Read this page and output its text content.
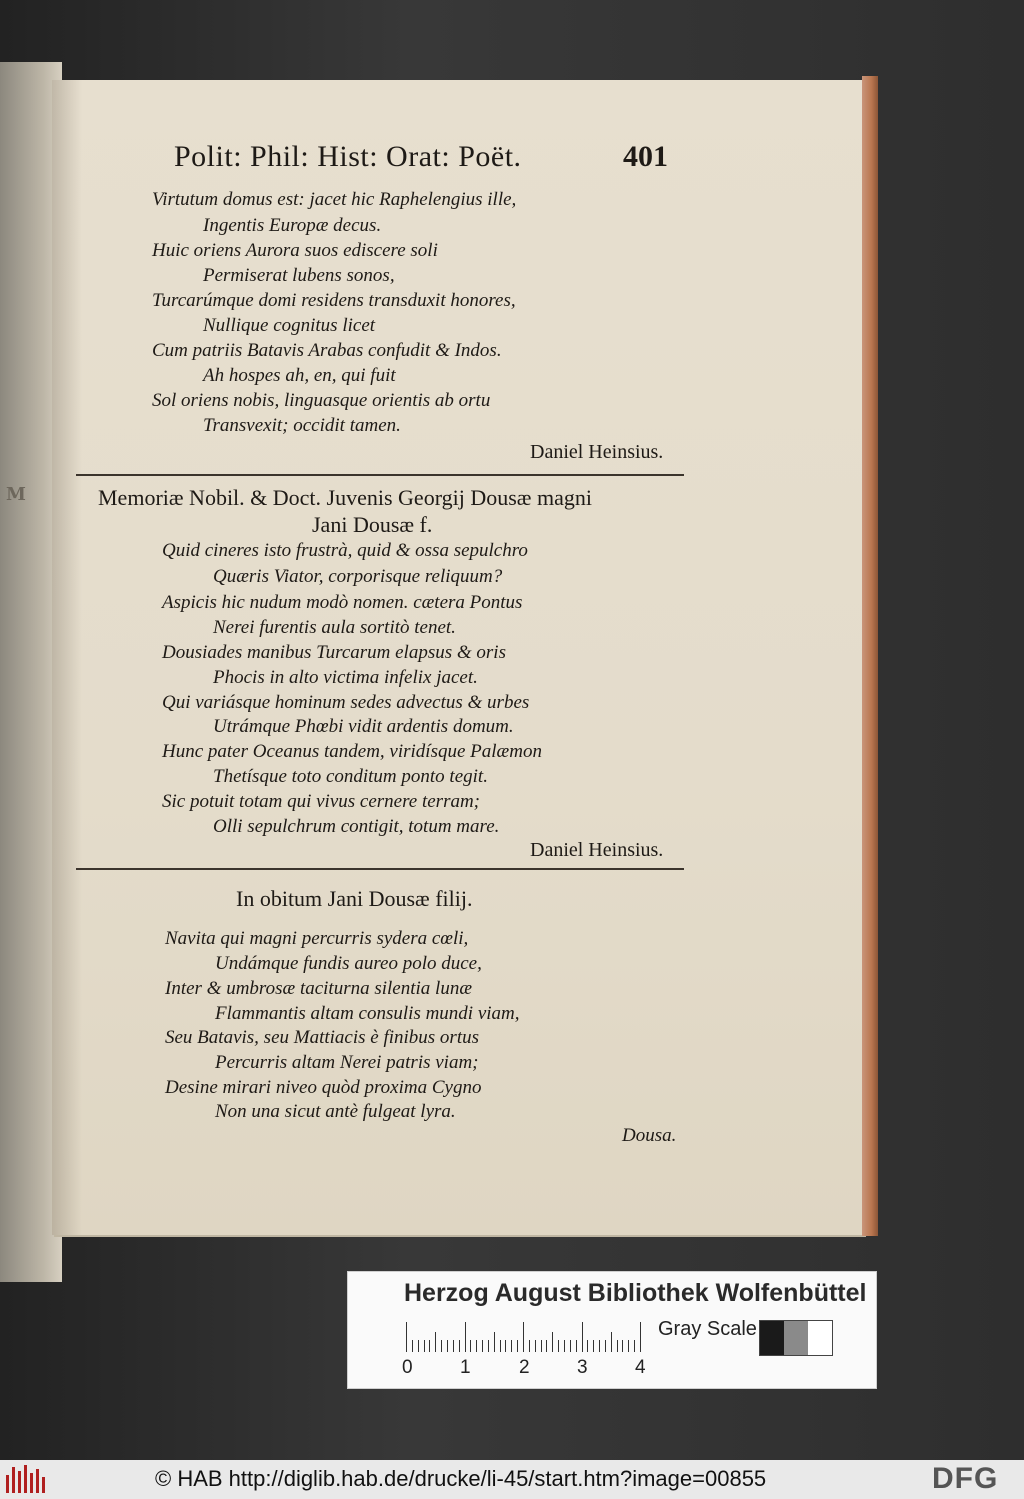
M
Polit: Phil: Hist: Orat: Poët.	401
Virtutum domus est: jacet hic Raphelengius ille,
Ingentis Europæ decus.
Huic oriens Aurora suos ediscere soli
Permiserat lubens sonos,
Turcarúmque domi residens transduxit honores,
Nullique cognitus licet
Cum patriis Batavis Arabas confudit & Indos.
Ah hospes ah, en, qui fuit
Sol oriens nobis, linguasque orientis ab ortu
Transvexit; occidit tamen.
Daniel Heinsius.
Memoriæ Nobil. & Doct. Juvenis Georgij Dousæ magni
Jani Dousæ f.
Quid cineres isto frustrà, quid & ossa sepulchro
Quæris Viator, corporisque reliquum?
Aspicis hic nudum modò nomen. cætera Pontus
Nerei furentis aula sortitò tenet.
Dousiades manibus Turcarum elapsus & oris
Phocis in alto victima infelix jacet.
Qui variásque hominum sedes advectus & urbes
Utrámque Phœbi vidit ardentis domum.
Hunc pater Oceanus tandem, viridísque Palæmon
Thetísque toto conditum ponto tegit.
Sic potuit totam qui vivus cernere terram;
Olli sepulchrum contigit, totum mare.
Daniel Heinsius.
In obitum Jani Dousæ filij.
Navita qui magni percurris sydera cœli,
Undámque fundis aureo polo duce,
Inter & umbrosæ taciturna silentia lunæ
Flammantis altam consulis mundi viam,
Seu Batavis, seu Mattiacis è finibus ortus
Percurris altam Nerei patris viam;
Desine mirari niveo quòd proxima Cygno
Non una sicut antè fulgeat lyra.
Dousa.
Herzog August Bibliothek Wolfenbüttel
0 1	2 3 4
Gray Scale
© HAB http://diglib.hab.de/drucke/li-45/start.htm?image=00855	DFG
